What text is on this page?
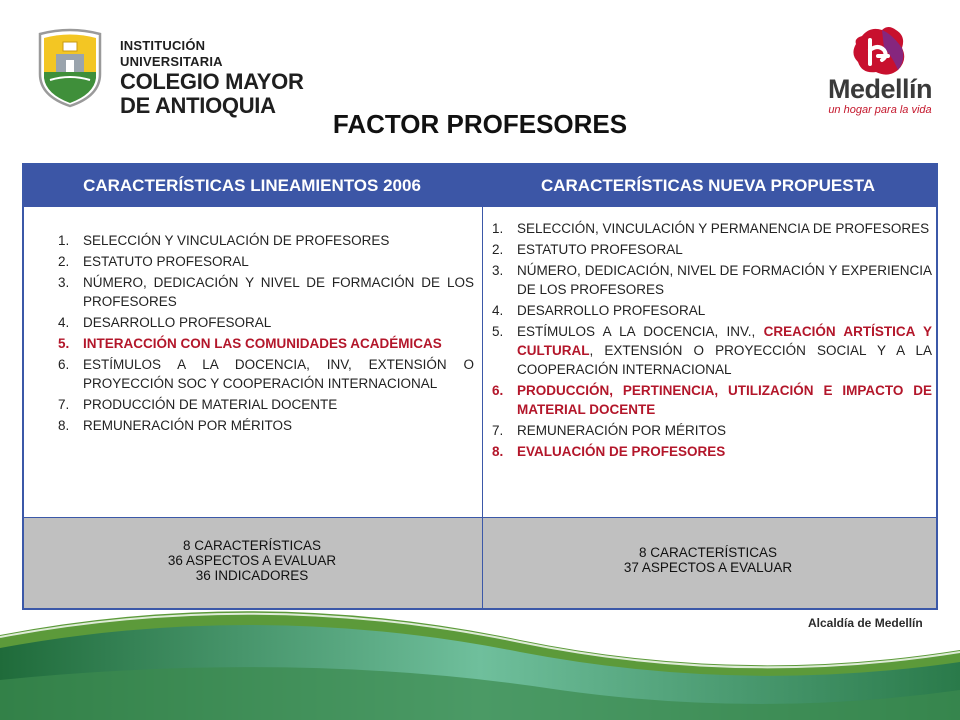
INSTITUCIÓN UNIVERSITARIA
COLEGIO MAYOR
DE ANTIOQUIA
Medellín
un hogar para la vida
FACTOR PROFESORES
CARACTERÍSTICAS LINEAMIENTOS 2006	CARACTERÍSTICAS NUEVA PROPUESTA
1. SELECCIÓN Y VINCULACIÓN DE PROFESORES
2. ESTATUTO PROFESORAL
3. NÚMERO, DEDICACIÓN Y NIVEL DE FORMACIÓN DE LOS PROFESORES
4. DESARROLLO PROFESORAL
5. INTERACCIÓN CON LAS COMUNIDADES ACADÉMICAS
6. ESTÍMULOS A LA DOCENCIA, INV, EXTENSIÓN O PROYECCIÓN SOC Y COOPERACIÓN INTERNACIONAL
7. PRODUCCIÓN DE MATERIAL DOCENTE
8. REMUNERACIÓN POR MÉRITOS
1. SELECCIÓN, VINCULACIÓN Y PERMANENCIA DE PROFESORES
2. ESTATUTO PROFESORAL
3. NÚMERO, DEDICACIÓN, NIVEL DE FORMACIÓN Y EXPERIENCIA DE LOS PROFESORES
4. DESARROLLO PROFESORAL
5. ESTÍMULOS A LA DOCENCIA, INV., CREACIÓN ARTÍSTICA Y CULTURAL, EXTENSIÓN O PROYECCIÓN SOCIAL Y A LA COOPERACIÓN INTERNACIONAL
6. PRODUCCIÓN, PERTINENCIA, UTILIZACIÓN E IMPACTO DE MATERIAL DOCENTE
7. REMUNERACIÓN POR MÉRITOS
8. EVALUACIÓN DE PROFESORES
8 CARACTERÍSTICAS
36 ASPECTOS A EVALUAR
36 INDICADORES
8 CARACTERÍSTICAS
37 ASPECTOS A EVALUAR
Alcaldía de Medellín
